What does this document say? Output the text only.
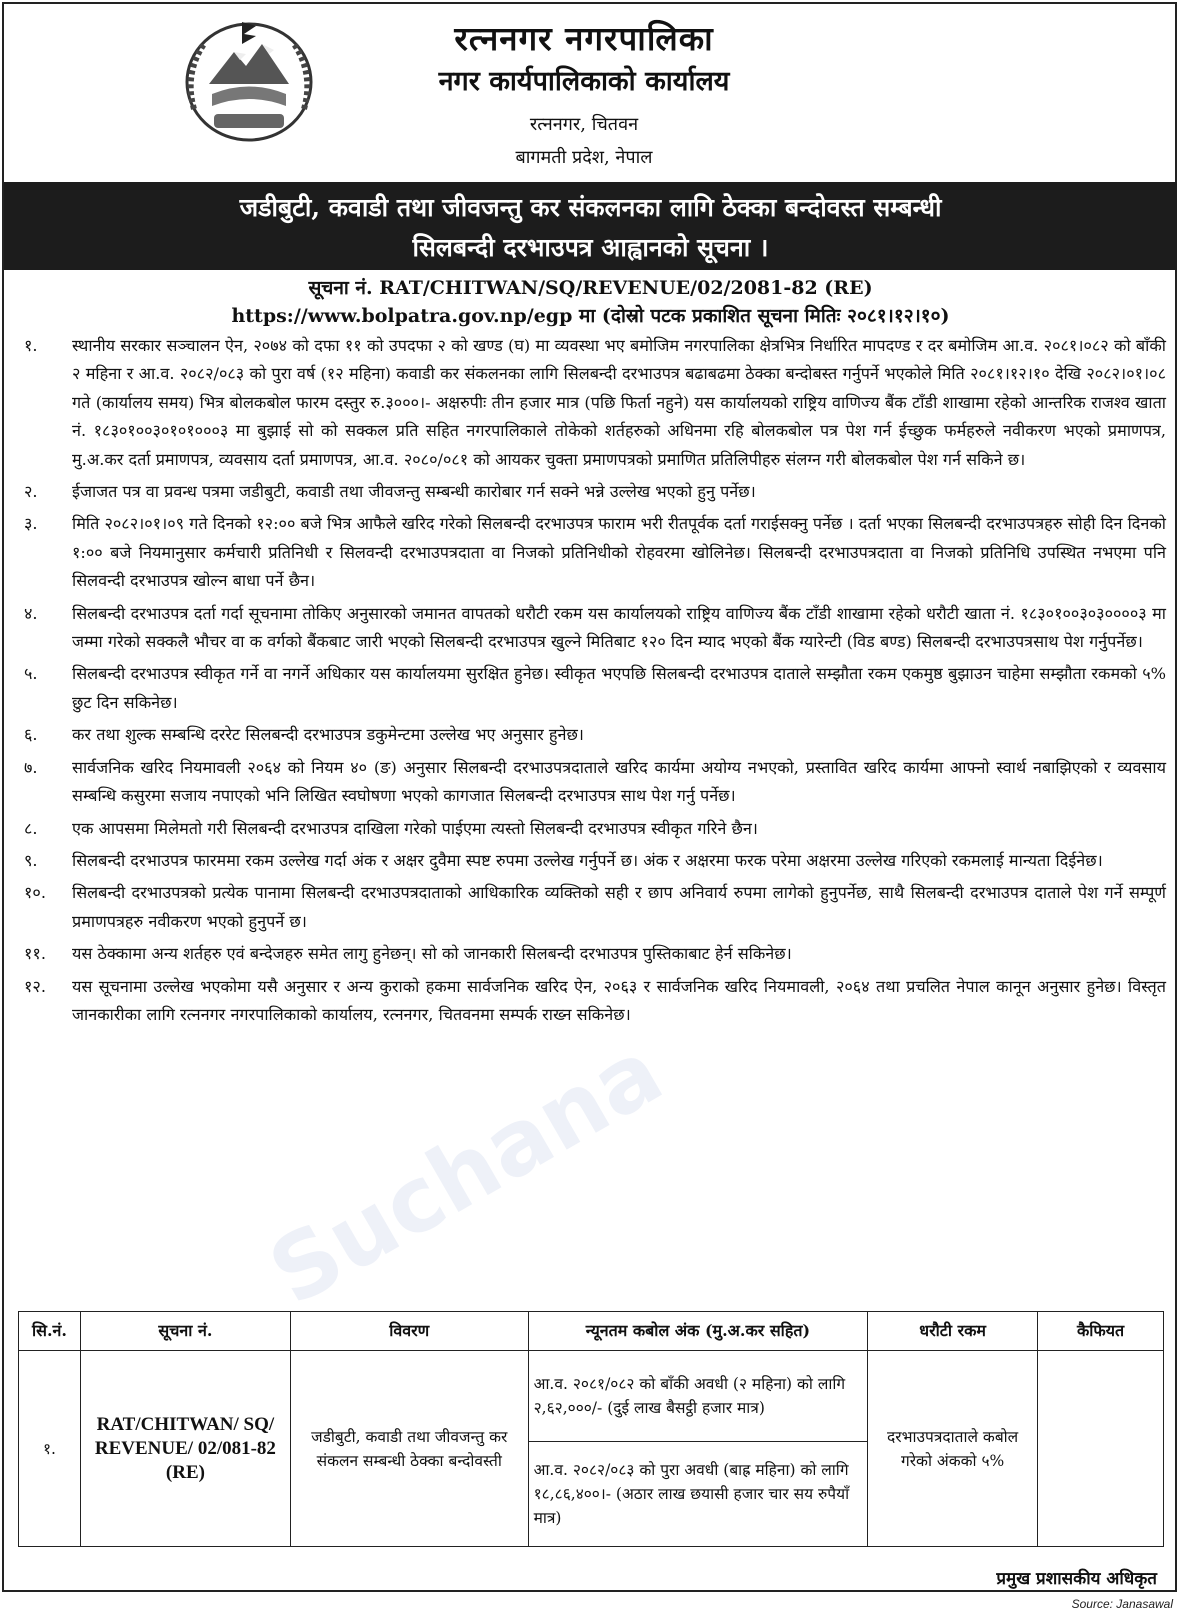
रत्ननगर नगरपालिका
नगर कार्यपालिकाको कार्यालय
रत्ननगर, चितवन
बागमती प्रदेश, नेपाल
जडीबुटी, कवाडी तथा जीवजन्तु कर संकलनका लागि ठेक्का बन्दोवस्त सम्बन्धी
सिलबन्दी दरभाउपत्र आह्वानको सूचना ।
सूचना नं. RAT/CHITWAN/SQ/REVENUE/02/2081-82 (RE)
https://www.bolpatra.gov.np/egp मा (दोस्रो पटक प्रकाशित सूचना मितिः २०८१।१२।१०)
१.	स्थानीय सरकार सञ्चालन ऐन, २०७४ को दफा ११ को उपदफा २ को खण्ड (घ) मा व्यवस्था भए बमोजिम नगरपालिका क्षेत्रभित्र निर्धारित मापदण्ड र दर बमोजिम आ.व. २०८१।०८२ को बाँकी २ महिना र आ.व. २०८२/०८३ को पुरा वर्ष (१२ महिना) कवाडी कर संकलनका लागि सिलबन्दी दरभाउपत्र बढाबढमा ठेक्का बन्दोबस्त गर्नुपर्ने भएकोले मिति २०८१।१२।१० देखि २०८२।०१।०८ गते (कार्यालय समय) भित्र बोलकबोल फारम दस्तुर रु.३०००।- अक्षरुपीः तीन हजार मात्र (पछि फिर्ता नहुने) यस कार्यालयको राष्ट्रिय वाणिज्य बैंक टाँडी शाखामा रहेको आन्तरिक राजश्व खाता नं. १८३०१००३०१०१०००३ मा बुझाई सो को सक्कल प्रति सहित नगरपालिकाले तोकेको शर्तहरुको अधिनमा रहि बोलकबोल पत्र पेश गर्न ईच्छुक फर्महरुले नवीकरण भएको प्रमाणपत्र, मु.अ.कर दर्ता प्रमाणपत्र, व्यवसाय दर्ता प्रमाणपत्र, आ.व. २०८०/०८१ को आयकर चुक्ता प्रमाणपत्रको प्रमाणित प्रतिलिपीहरु संलग्न गरी बोलकबोल पेश गर्न सकिने छ।
२.	ईजाजत पत्र वा प्रवन्ध पत्रमा जडीबुटी, कवाडी तथा जीवजन्तु सम्बन्धी कारोबार गर्न सक्ने भन्ने उल्लेख भएको हुनु पर्नेछ।
३.	मिति २०८२।०१।०९ गते दिनको १२:०० बजे भित्र आफैले खरिद गरेको सिलबन्दी दरभाउपत्र फाराम भरी रीतपूर्वक दर्ता गराईसक्नु पर्नेछ । दर्ता भएका सिलबन्दी दरभाउपत्रहरु सोही दिन दिनको १:०० बजे नियमानुसार कर्मचारी प्रतिनिधी र सिलवन्दी दरभाउपत्रदाता वा निजको प्रतिनिधीको रोहवरमा खोलिनेछ। सिलबन्दी दरभाउपत्रदाता वा निजको प्रतिनिधि उपस्थित नभएमा पनि सिलवन्दी दरभाउपत्र खोल्न बाधा पर्ने छैन।
४.	सिलबन्दी दरभाउपत्र दर्ता गर्दा सूचनामा तोकिए अनुसारको जमानत वापतको धरौटी रकम यस कार्यालयको राष्ट्रिय वाणिज्य बैंक टाँडी शाखामा रहेको धरौटी खाता नं. १८३०१००३०३००००३ मा जम्मा गरेको सक्कलै भौचर वा क वर्गको बैंकबाट जारी भएको सिलबन्दी दरभाउपत्र खुल्ने मितिबाट १२० दिन म्याद भएको बैंक ग्यारेन्टी (विड बण्ड) सिलबन्दी दरभाउपत्रसाथ पेश गर्नुपर्नेछ।
५.	सिलबन्दी दरभाउपत्र स्वीकृत गर्ने वा नगर्ने अधिकार यस कार्यालयमा सुरक्षित हुनेछ। स्वीकृत भएपछि सिलबन्दी दरभाउपत्र दाताले सम्झौता रकम एकमुष्ठ बुझाउन चाहेमा सम्झौता रकमको ५% छुट दिन सकिनेछ।
६.	कर तथा शुल्क सम्बन्धि दररेट सिलबन्दी दरभाउपत्र डकुमेन्टमा उल्लेख भए अनुसार हुनेछ।
७.	सार्वजनिक खरिद नियमावली २०६४ को नियम ४० (ङ) अनुसार सिलबन्दी दरभाउपत्रदाताले खरिद कार्यमा अयोग्य नभएको, प्रस्तावित खरिद कार्यमा आफ्नो स्वार्थ नबाझिएको र व्यवसाय सम्बन्धि कसुरमा सजाय नपाएको भनि लिखित स्वघोषणा भएको कागजात सिलबन्दी दरभाउपत्र साथ पेश गर्नु पर्नेछ।
८.	एक आपसमा मिलेमतो गरी सिलबन्दी दरभाउपत्र दाखिला गरेको पाईएमा त्यस्तो सिलबन्दी दरभाउपत्र स्वीकृत गरिने छैन।
९.	सिलबन्दी दरभाउपत्र फारममा रकम उल्लेख गर्दा अंक र अक्षर दुवैमा स्पष्ट रुपमा उल्लेख गर्नुपर्ने छ। अंक र अक्षरमा फरक परेमा अक्षरमा उल्लेख गरिएको रकमलाई मान्यता दिईनेछ।
१०.	सिलबन्दी दरभाउपत्रको प्रत्येक पानामा सिलबन्दी दरभाउपत्रदाताको आधिकारिक व्यक्तिको सही र छाप अनिवार्य रुपमा लागेको हुनुपर्नेछ, साथै सिलबन्दी दरभाउपत्र दाताले पेश गर्ने सम्पूर्ण प्रमाणपत्रहरु नवीकरण भएको हुनुपर्ने छ।
११.	यस ठेक्कामा अन्य शर्तहरु एवं बन्देजहरु समेत लागु हुनेछन्। सो को जानकारी सिलबन्दी दरभाउपत्र पुस्तिकाबाट हेर्न सकिनेछ।
१२.	यस सूचनामा उल्लेख भएकोमा यसै अनुसार र अन्य कुराको हकमा सार्वजनिक खरिद ऐन, २०६३ र सार्वजनिक खरिद नियमावली, २०६४ तथा प्रचलित नेपाल कानून अनुसार हुनेछ। विस्तृत जानकारीका लागि रत्ननगर नगरपालिकाको कार्यालय, रत्ननगर, चितवनमा सम्पर्क राख्न सकिनेछ।
सि.नं.	सूचना नं.	विवरण	न्यूनतम कबोल अंक (मु.अ.कर सहित)	धरौटी रकम	कैफियत
१.	RAT/CHITWAN/ SQ/ REVENUE/ 02/081-82 (RE)	जडीबुटी, कवाडी तथा जीवजन्तु कर संकलन सम्बन्धी ठेक्का बन्दोवस्ती	आ.व. २०८१/०८२ को बाँकी अवधी (२ महिना) को लागि २,६२,०००/- (दुई लाख बैसट्ठी हजार मात्र)	दरभाउपत्रदाताले कबोल गरेको अंकको ५%	
			आ.व. २०८२/०८३ को पुरा अवधी (बाह्र महिना) को लागि १८,८६,४००।- (अठार लाख छयासी हजार चार सय रुपैयाँ मात्र)		
प्रमुख प्रशासकीय अधिकृत
Suchana
Source: Janasawal
